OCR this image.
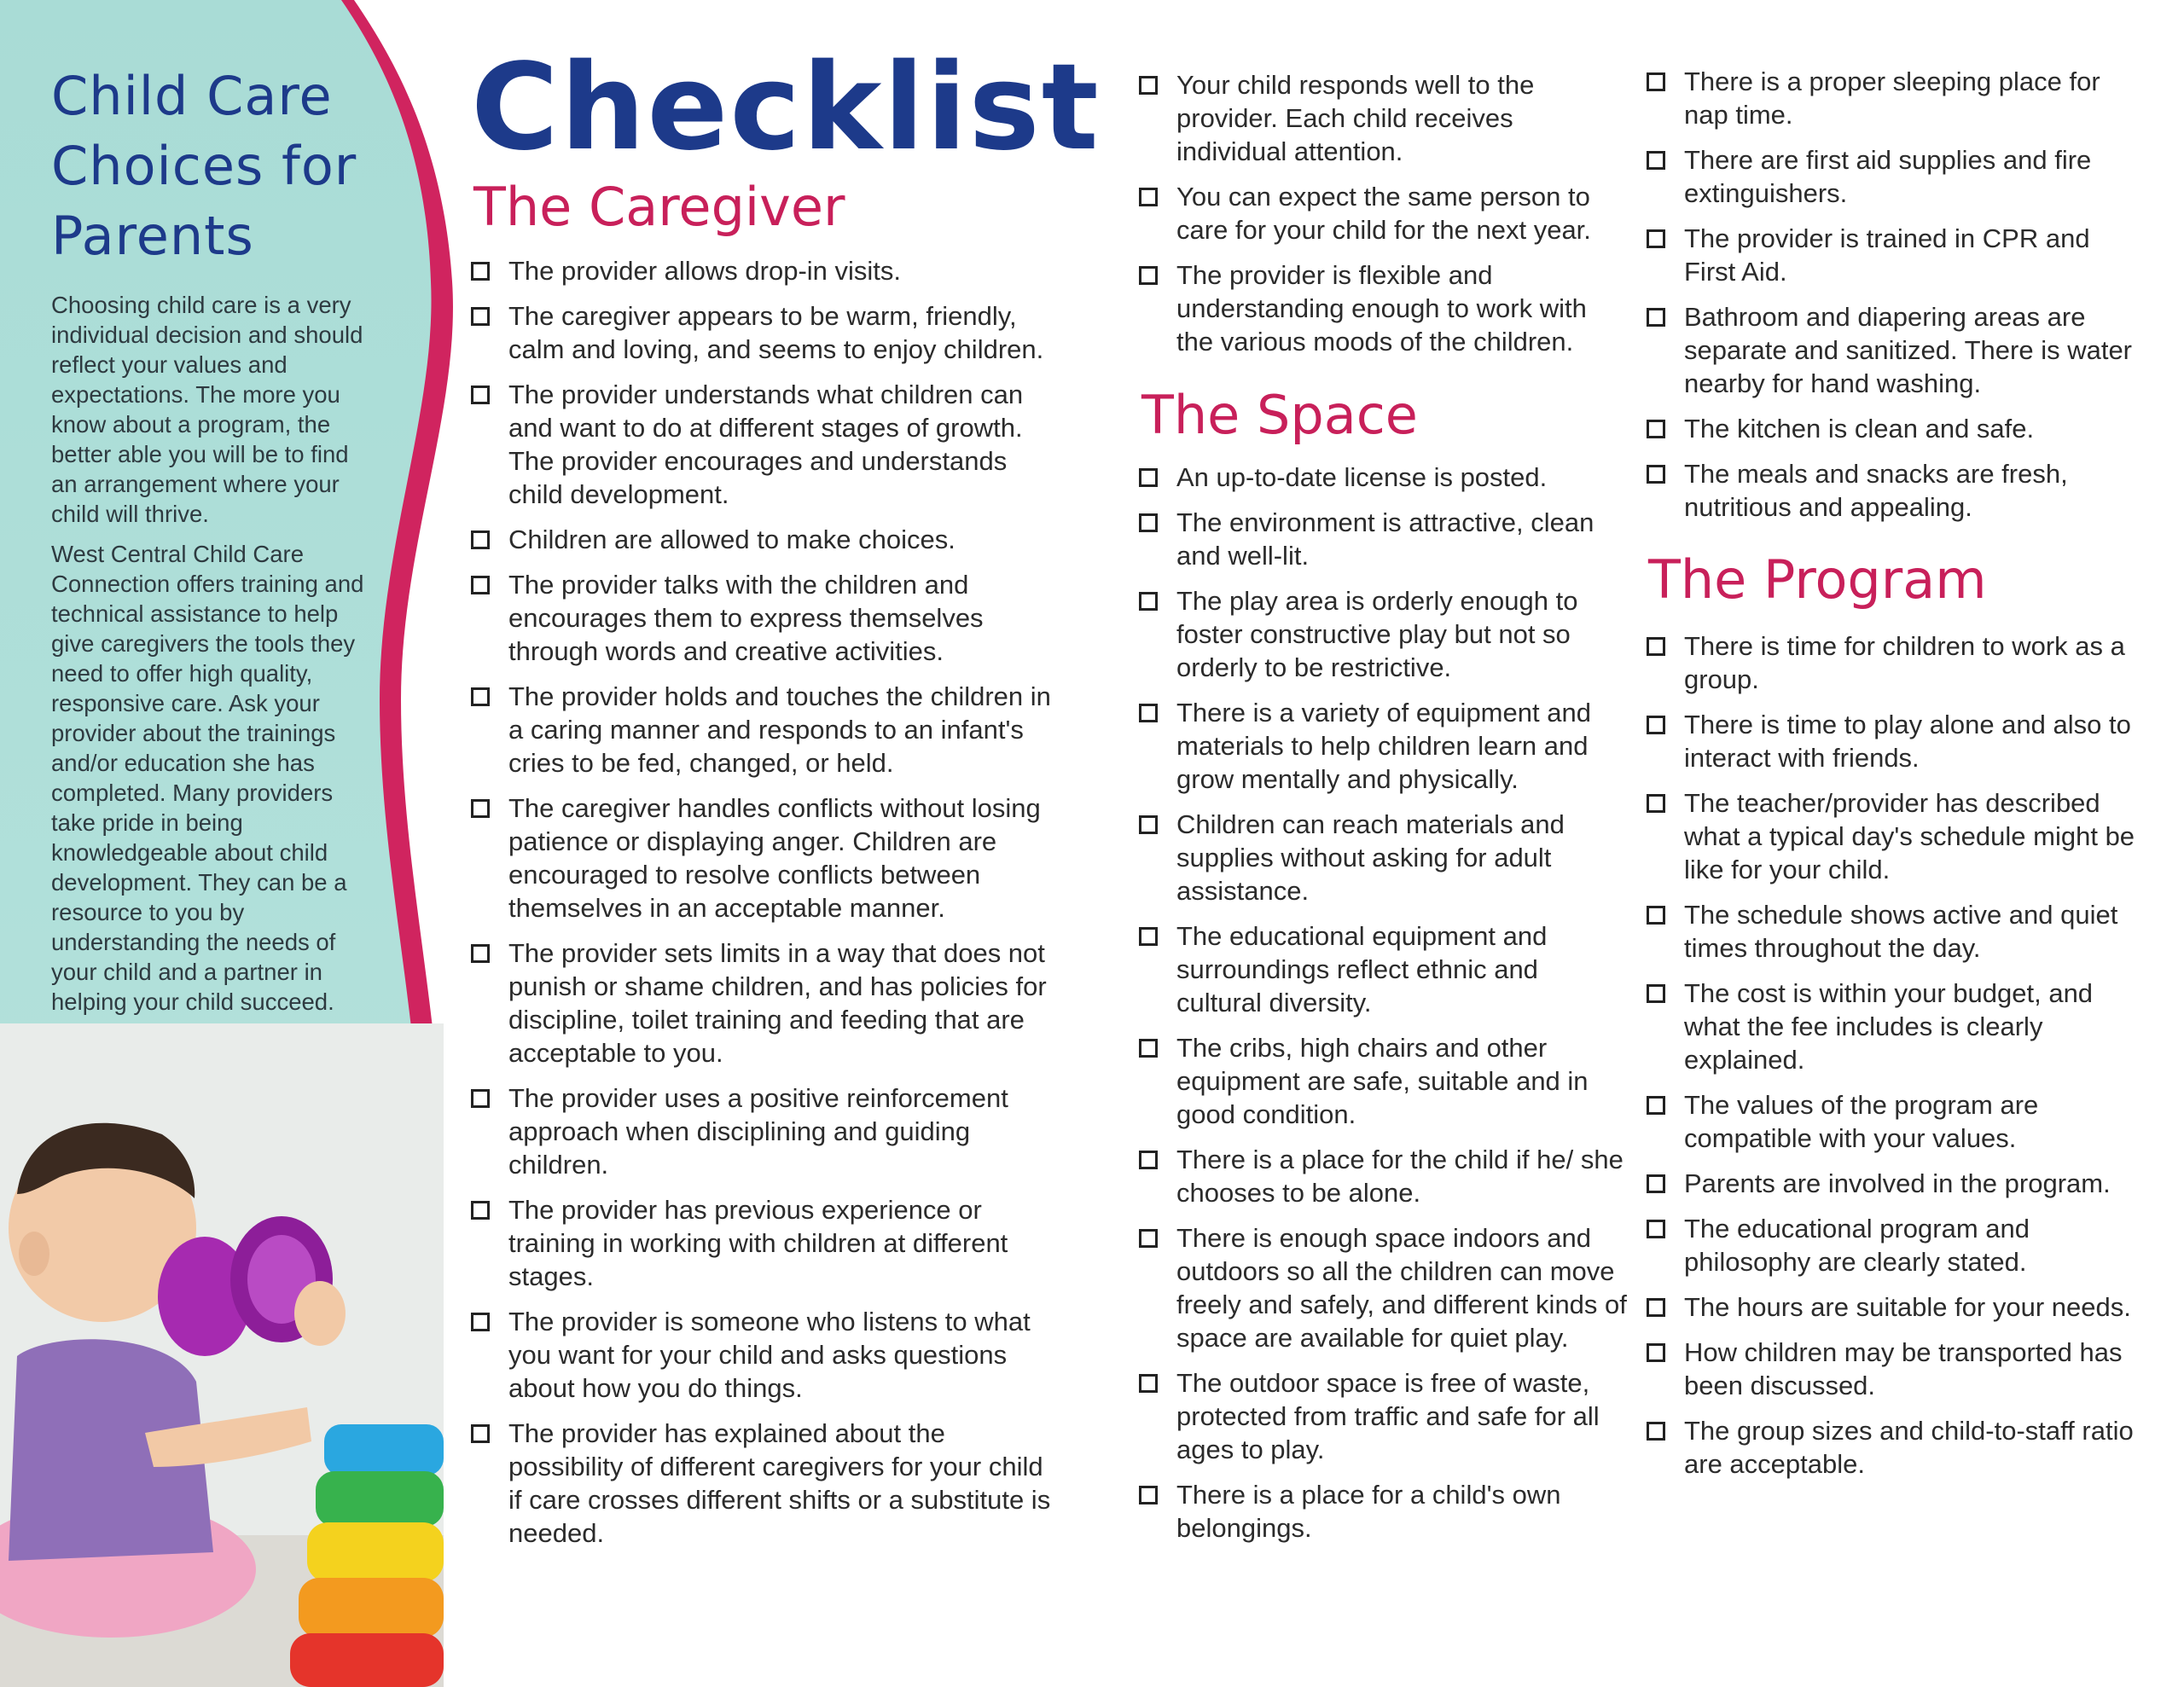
Child Care Choices for Parents

Choosing child care is a very individual decision and should reflect your values and expectations. The more you know about a program, the better able you will be to find an arrangement where your child will thrive.

West Central Child Care Connection offers training and technical assistance to help give caregivers the tools they need to offer high quality, responsive care. Ask your provider about the trainings and/or education she has completed. Many providers take pride in being knowledgeable about child development. They can be a resource to you by understanding the needs of your child and a partner in helping your child succeed.

Checklist
The Caregiver
The Space
The Program
The provider allows drop-in visits.
The caregiver appears to be warm, friendly, calm and loving, and seems to enjoy children.
The provider understands what children can and want to do at different stages of growth. The provider encourages and understands child development.
Children are allowed to make choices.
The provider talks with the children and encourages them to express themselves through words and creative activities.
The provider holds and touches the children in a caring manner and responds to an infant's cries to be fed, changed, or held.
The caregiver handles conflicts without losing patience or displaying anger. Children are encouraged to resolve conflicts between themselves in an acceptable manner.
The provider sets limits in a way that does not punish or shame children, and has policies for discipline, toilet training and feeding that are acceptable to you.
The provider uses a positive reinforcement approach when disciplining and guiding children.
The provider has previous experience or training in working with children at different stages.
The provider is someone who listens to what you want for your child and asks questions about how you do things.
The provider has explained about the possibility of different caregivers for your child if care crosses different shifts or a substitute is needed.
Your child responds well to the provider. Each child receives individual attention.
You can expect the same person to care for your child for the next year.
The provider is flexible and understanding enough to work with the various moods of the children.
An up-to-date license is posted.
The environment is attractive, clean and well-lit.
The play area is orderly enough to foster constructive play but not so orderly to be restrictive.
There is a variety of equipment and materials to help children learn and grow mentally and physically.
Children can reach materials and supplies without asking for adult assistance.
The educational equipment and surroundings reflect ethnic and cultural diversity.
The cribs, high chairs and other equipment are safe, suitable and in good condition.
There is a place for the child if he/ she chooses to be alone.
There is enough space indoors and outdoors so all the children can move freely and safely, and different kinds of space are available for quiet play.
The outdoor space is free of waste, protected from traffic and safe for all ages to play.
There is a place for a child's own belongings.
There is a proper sleeping place for nap time.
There are first aid supplies and fire extinguishers.
The provider is trained in CPR and First Aid.
Bathroom and diapering areas are separate and sanitized. There is water nearby for hand washing.
The kitchen is clean and safe.
The meals and snacks are fresh, nutritious and appealing.
There is time for children to work as a group.
There is time to play alone and also to interact with friends.
The teacher/provider has described what a typical day's schedule might be like for your child.
The schedule shows active and quiet times throughout the day.
The cost is within your budget, and what the fee includes is clearly explained.
The values of the program are compatible with your values.
Parents are involved in the program.
The educational program and philosophy are clearly stated.
The hours are suitable for your needs.
How children may be transported has been discussed.
The group sizes and child-to-staff ratio are acceptable.
